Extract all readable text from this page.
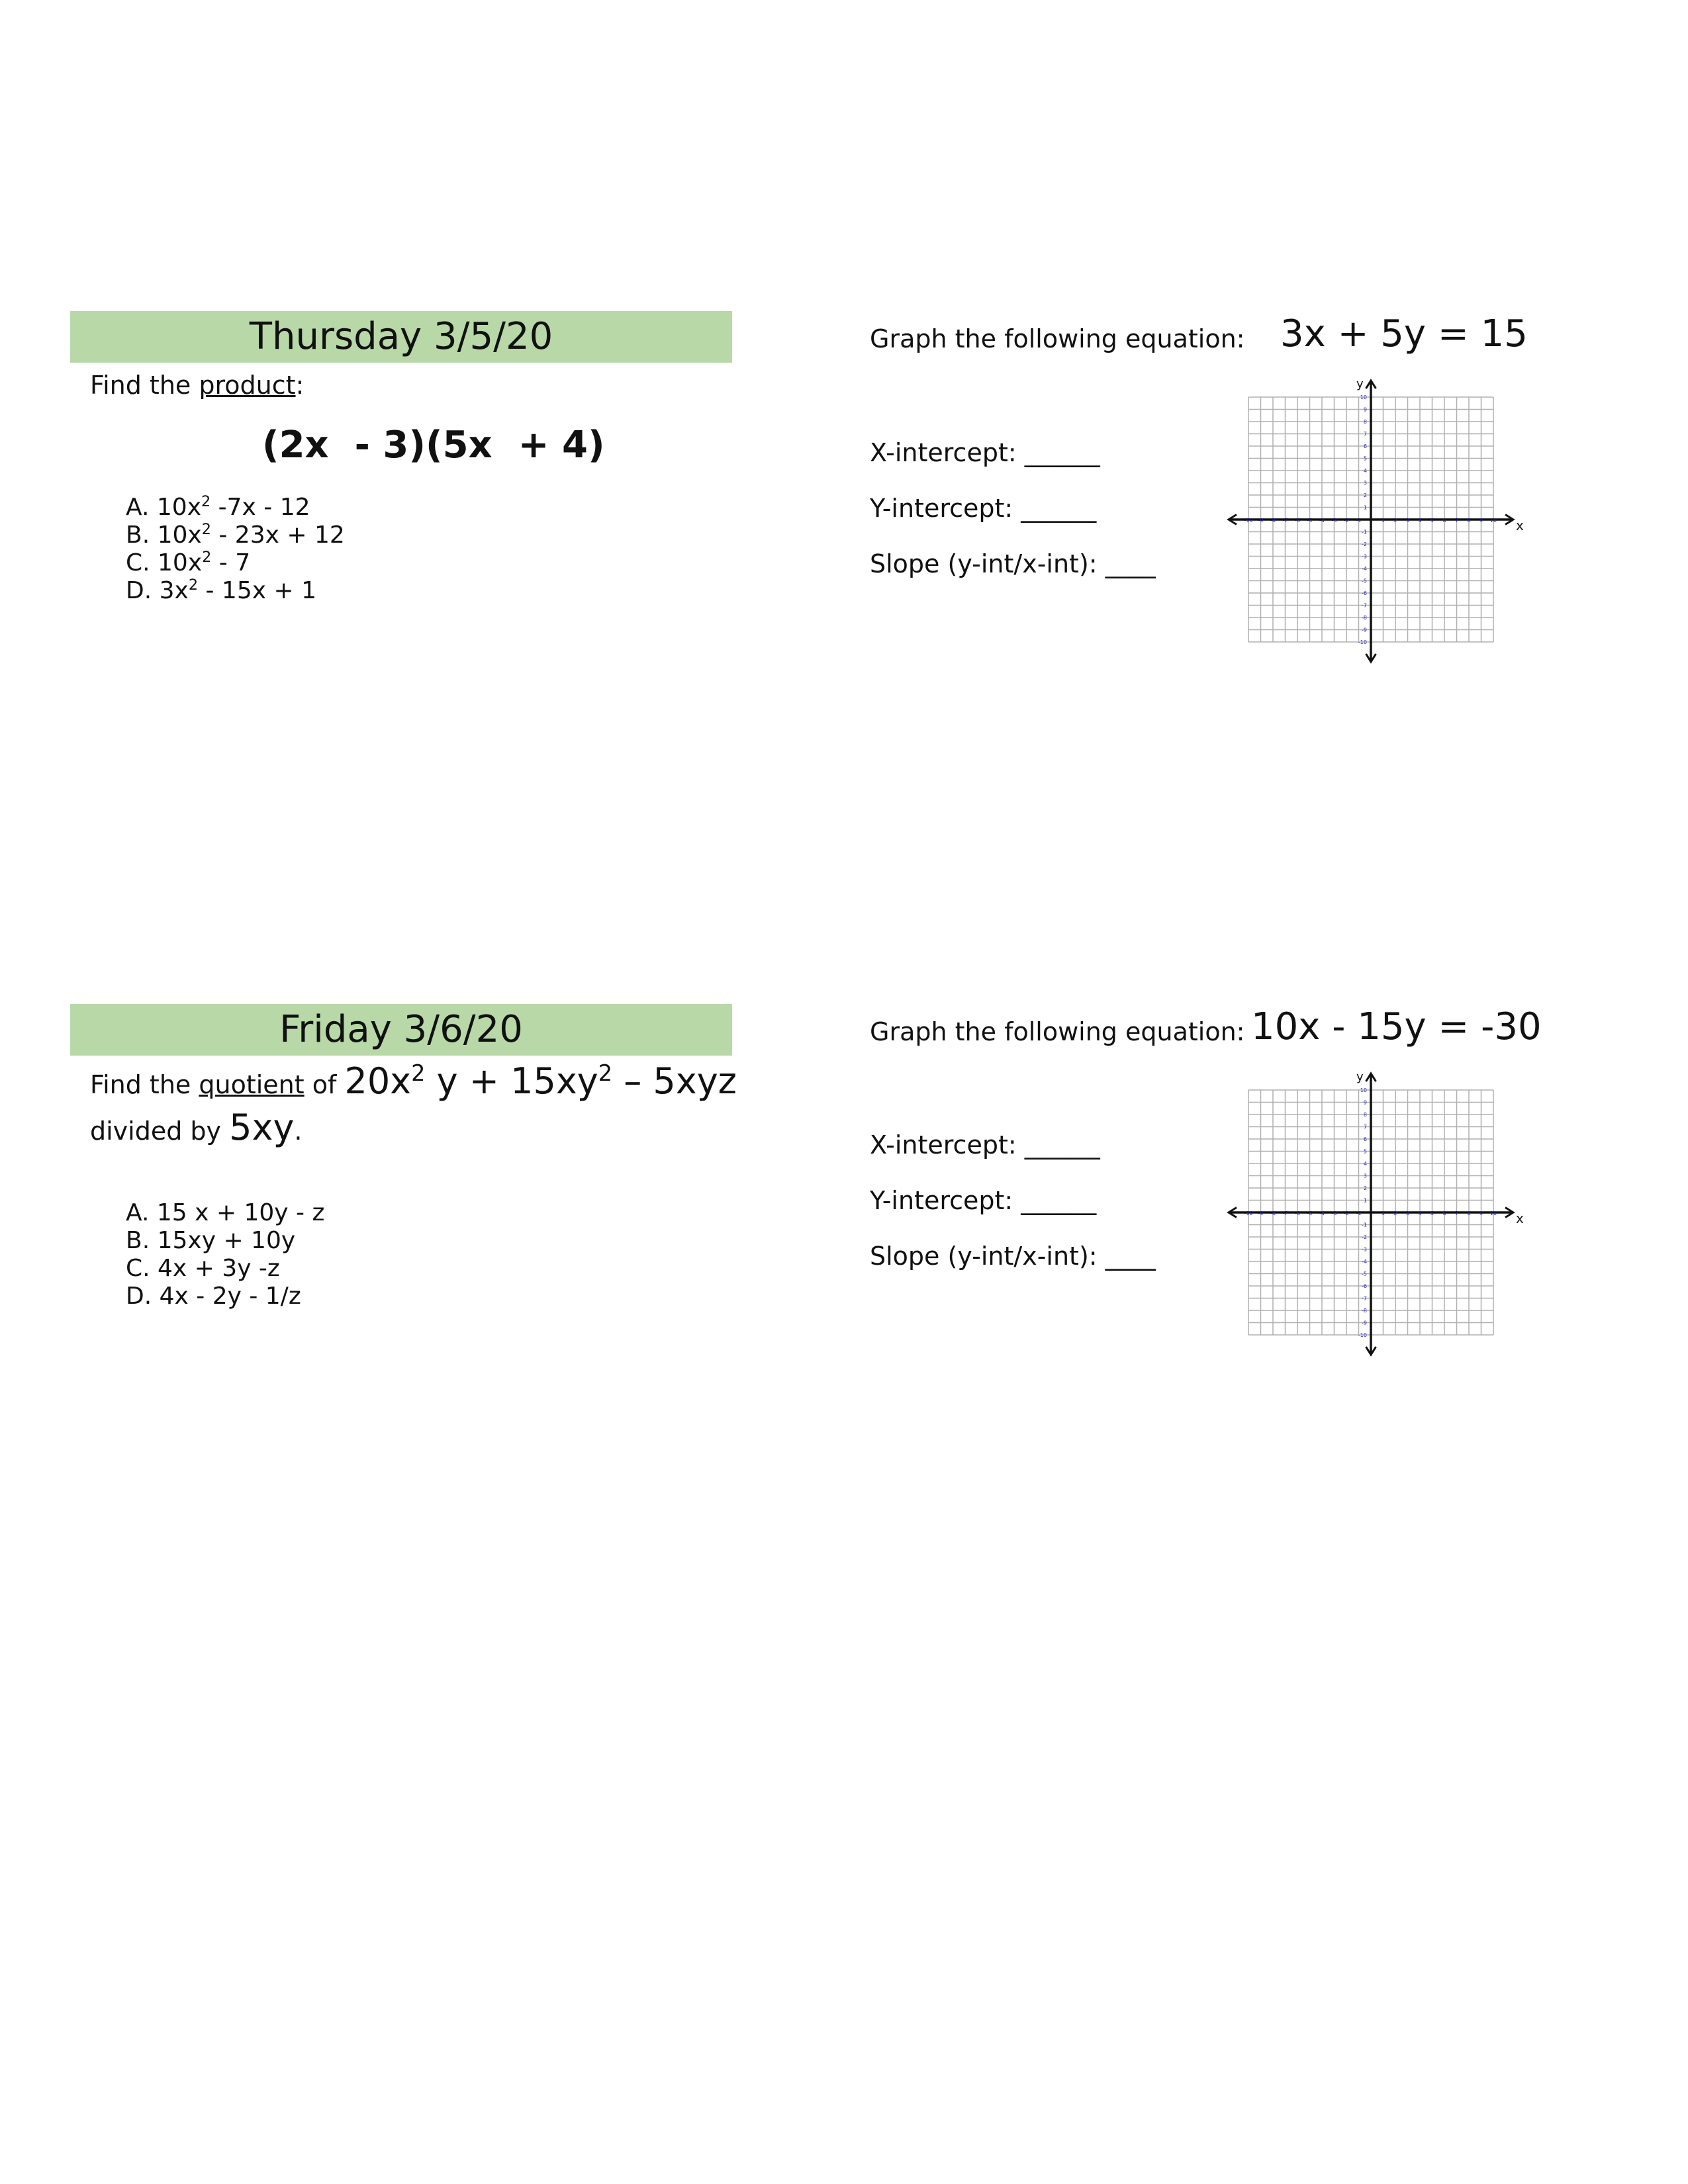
Thursday 3/5/20
Find the product:
(2x  - 3)(5x  + 4)
A. $10x^2$ -7x - 12
B. $10x^2 - 23x + 12$
C. $10x^2 - 7$
D. $3x^2 - 15x + 1$
Graph the following equation: 3x + 5y = 15
X-intercept: ______
Y-intercept: ______
Slope (y-int/x-int): ____
x
y
-10
-10
-9
-9
-8
-8
-7
-7
-6
-6
-5
-5
-4
-4
-3
-3
-2
-2
-1
-1
1
1
2
2
3
3
4
4
5
5
6
6
7
7
8
8
9
9
10
10
Friday 3/6/20
Find the quotient of $20x^2$ $y + 15xy^2 - 5xyz$
divided by 5xy.
A. 15 x + 10y - z
B. 15xy + 10y
C. 4x + 3y -z
D. 4x - 2y - 1/z
Graph the following equation: 10x - 15y = -30
X-intercept: ______
Y-intercept: ______
Slope (y-int/x-int): ____
x
y
-10
-10
-9
-9
-8
-8
-7
-7
-6
-6
-5
-5
-4
-4
-3
-3
-2
-2
-1
-1
1
1
2
2
3
3
4
4
5
5
6
6
7
7
8
8
9
9
10
10
